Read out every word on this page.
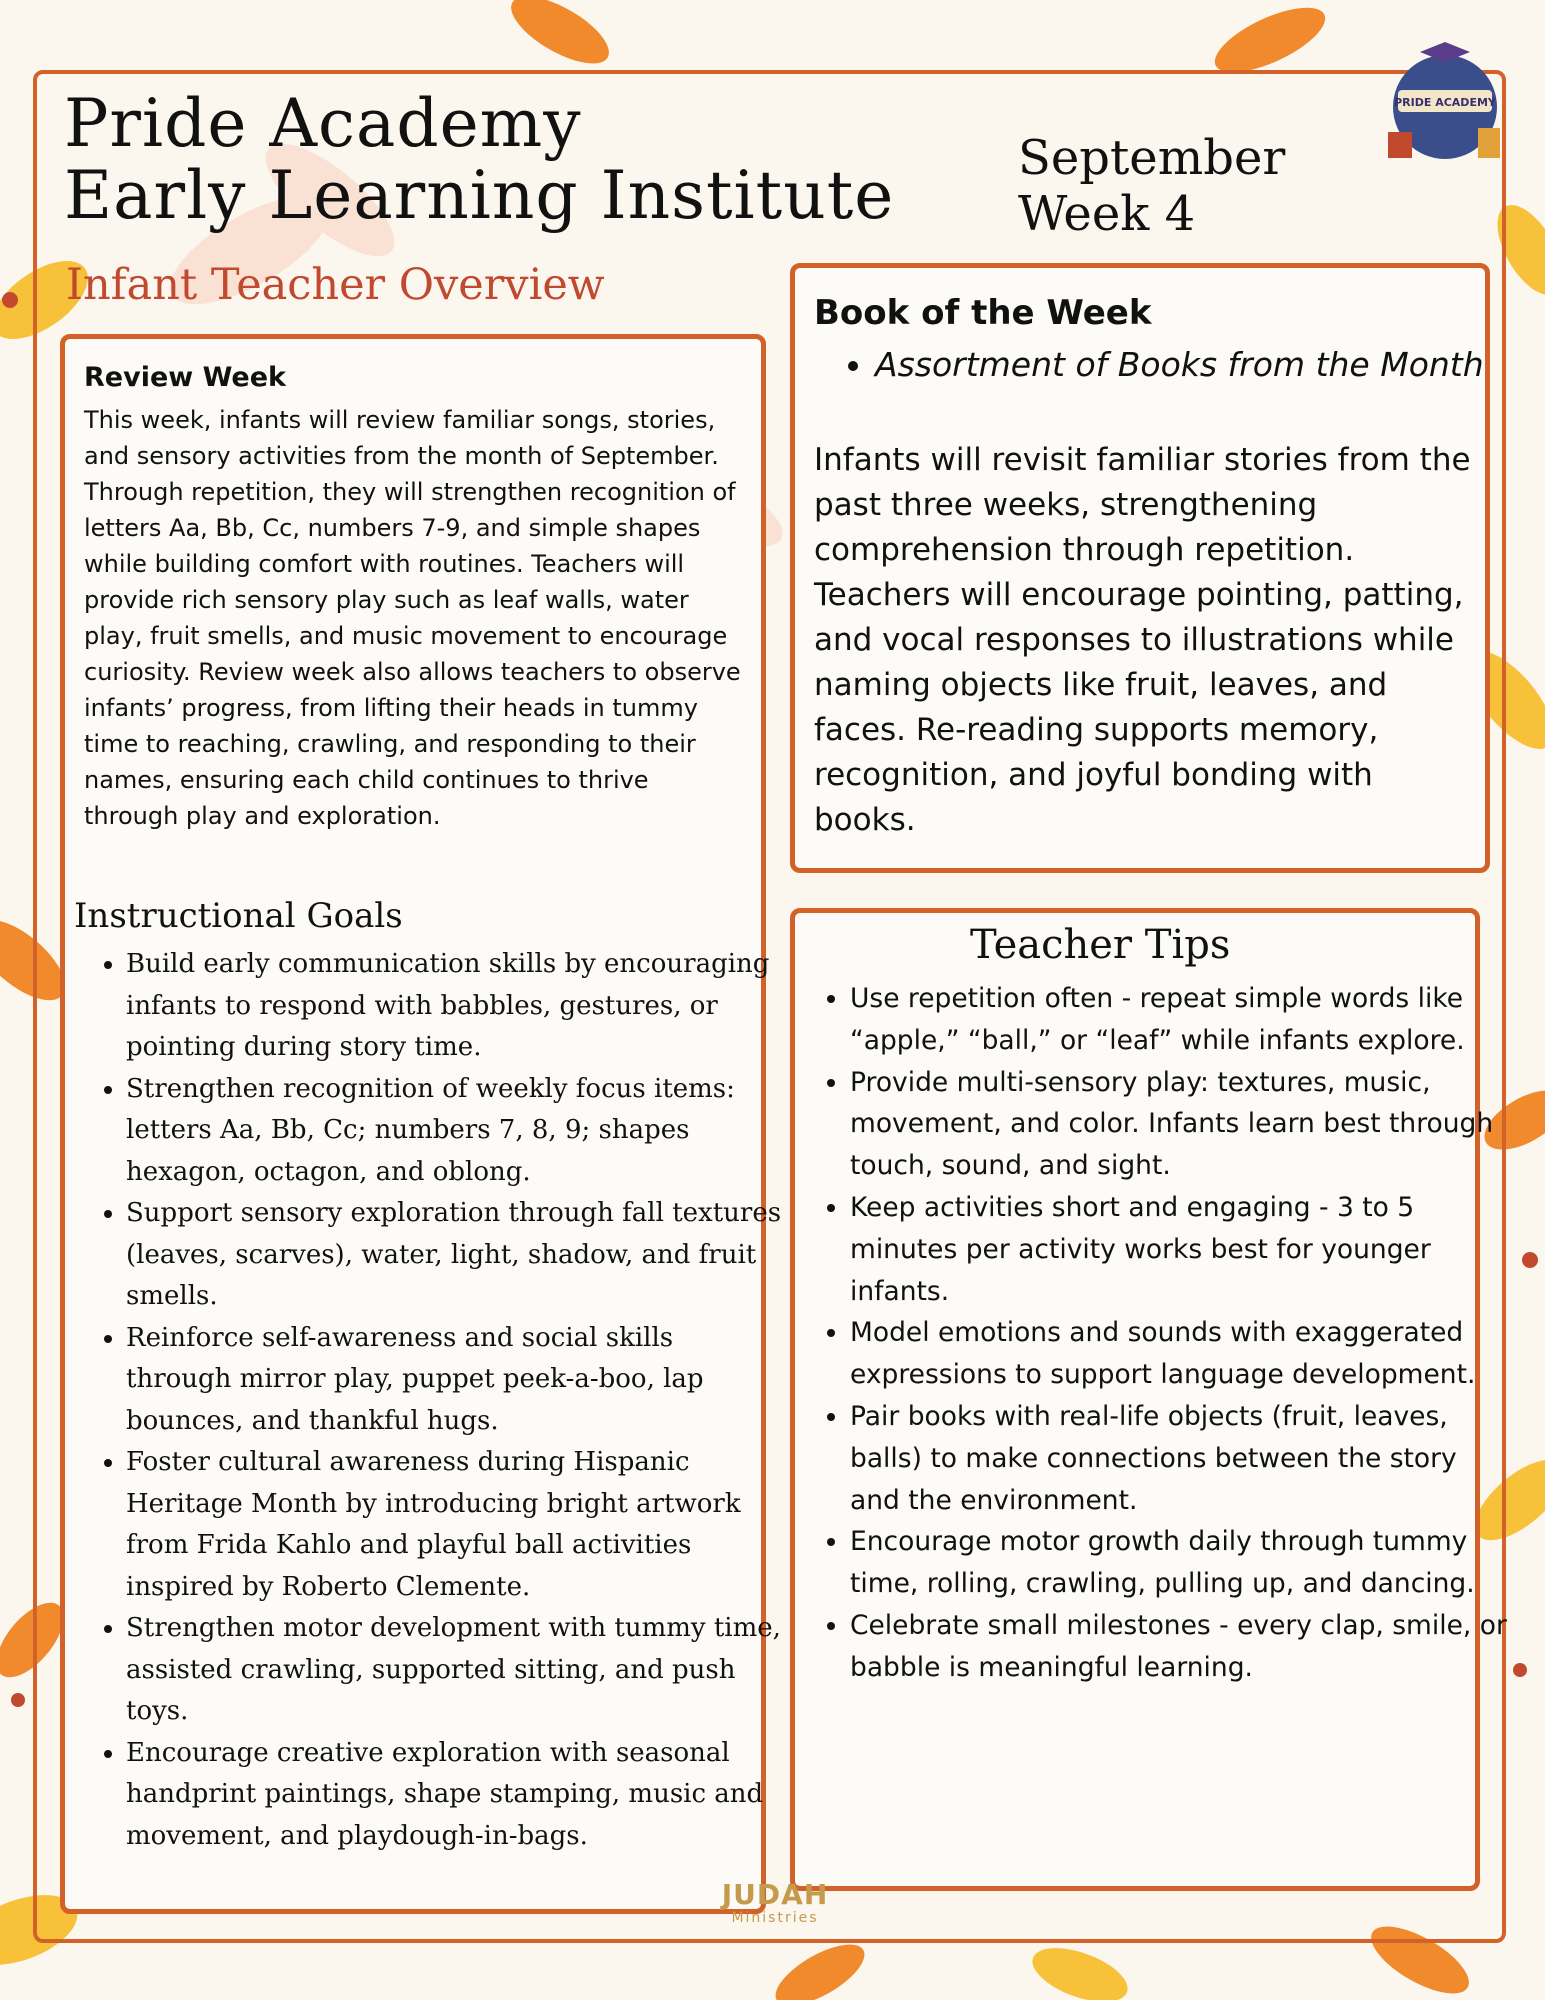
PRIDE ACADEMY
Pride Academy
Early Learning Institute	September
Week 4
Infant Teacher Overview
Review Week

This week, infants will review familiar songs, stories, and sensory activities from the month of September. Through repetition, they will strengthen recognition of letters Aa, Bb, Cc, numbers 7-9, and simple shapes while building comfort with routines. Teachers will provide rich sensory play such as leaf walls, water play, fruit smells, and music movement to encourage curiosity. Review week also allows teachers to observe infants’ progress, from lifting their heads in tummy time to reaching, crawling, and responding to their names, ensuring each child continues to thrive through play and exploration.

Instructional Goals
• Build early communication skills by encouraging infants to respond with babbles, gestures, or pointing during story time.
• Strengthen recognition of weekly focus items: letters Aa, Bb, Cc; numbers 7, 8, 9; shapes hexagon, octagon, and oblong.
• Support sensory exploration through fall textures (leaves, scarves), water, light, shadow, and fruit smells.
• Reinforce self-awareness and social skills through mirror play, puppet peek-a-boo, lap bounces, and thankful hugs.
• Foster cultural awareness during Hispanic Heritage Month by introducing bright artwork from Frida Kahlo and playful ball activities inspired by Roberto Clemente.
• Strengthen motor development with tummy time, assisted crawling, supported sitting, and push toys.
• Encourage creative exploration with seasonal handprint paintings, shape stamping, music and movement, and playdough-in-bags.
Book of the Week
• Assortment of Books from the Month

Infants will revisit familiar stories from the past three weeks, strengthening comprehension through repetition. Teachers will encourage pointing, patting, and vocal responses to illustrations while naming objects like fruit, leaves, and faces. Re-reading supports memory, recognition, and joyful bonding with books.

Teacher Tips
• Use repetition often - repeat simple words like “apple,” “ball,” or “leaf” while infants explore.
• Provide multi-sensory play: textures, music, movement, and color. Infants learn best through touch, sound, and sight.
• Keep activities short and engaging - 3 to 5 minutes per activity works best for younger infants.
• Model emotions and sounds with exaggerated expressions to support language development.
• Pair books with real-life objects (fruit, leaves, balls) to make connections between the story and the environment.
• Encourage motor growth daily through tummy time, rolling, crawling, pulling up, and dancing.
• Celebrate small milestones - every clap, smile, or babble is meaningful learning.
JUDAH
Ministries
